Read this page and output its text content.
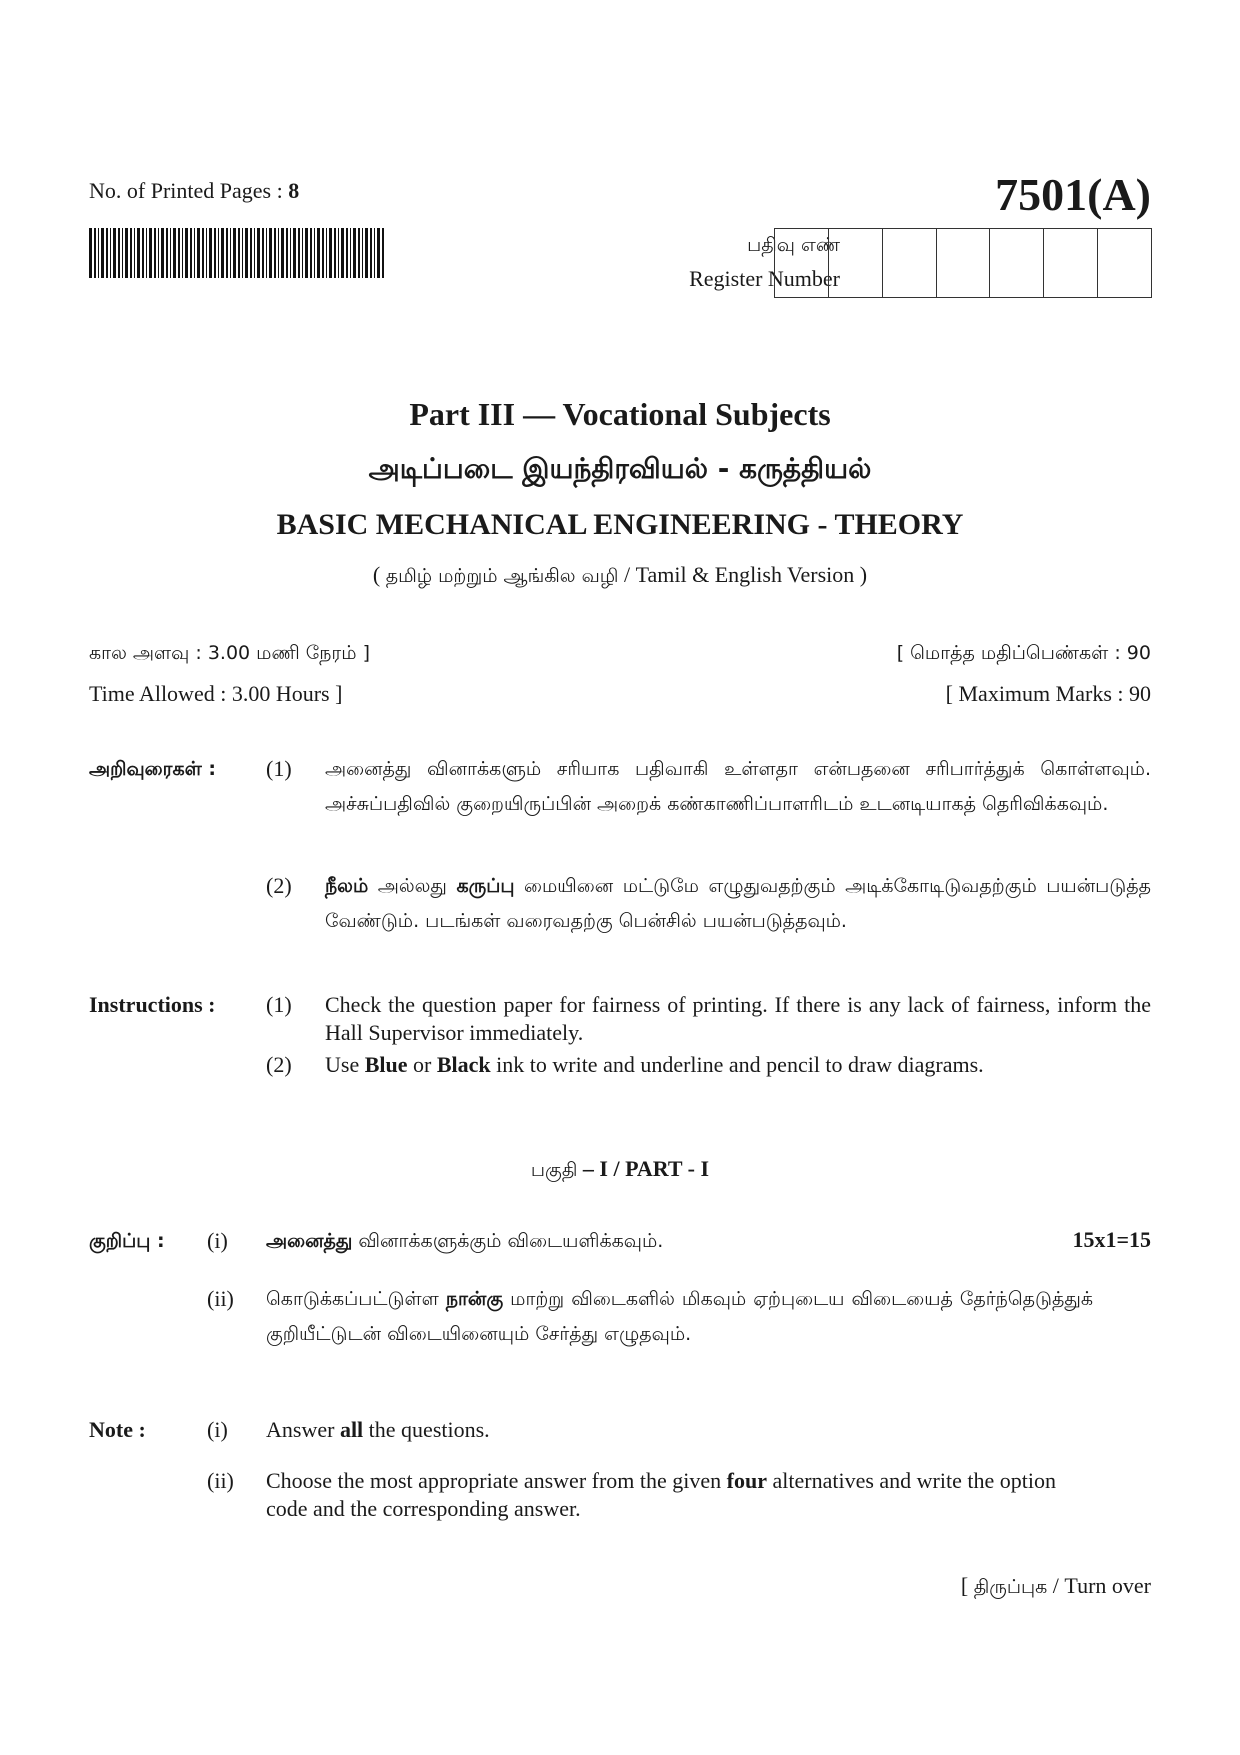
No. of Printed Pages : 8	7501(A)
பதிவு எண்
Register Number
Part III — Vocational Subjects
அடிப்படை இயந்திரவியல் - கருத்தியல்
BASIC MECHANICAL ENGINEERING - THEORY
( தமிழ் மற்றும் ஆங்கில வழி / Tamil & English Version )
கால அளவு : 3.00 மணி நேரம் ]	[ மொத்த மதிப்பெண்கள் : 90
Time Allowed : 3.00 Hours ]	[ Maximum Marks : 90
அறிவுரைகள் : (1) அனைத்து வினாக்களும் சரியாக பதிவாகி உள்ளதா என்பதனை சரிபார்த்துக் கொள்ளவும். அச்சுப்பதிவில் குறையிருப்பின் அறைக் கண்காணிப்பாளரிடம் உடனடியாகத் தெரிவிக்கவும்.
(2) நீலம் அல்லது கருப்பு மையினை மட்டுமே எழுதுவதற்கும் அடிக்கோடிடுவதற்கும் பயன்படுத்த வேண்டும். படங்கள் வரைவதற்கு பென்சில் பயன்படுத்தவும்.
Instructions : (1) Check the question paper for fairness of printing. If there is any lack of fairness, inform the Hall Supervisor immediately.
(2) Use Blue or Black ink to write and underline and pencil to draw diagrams.
பகுதி – I / PART - I
15x1=15
குறிப்பு : (i) அனைத்து வினாக்களுக்கும் விடையளிக்கவும்.
(ii) கொடுக்கப்பட்டுள்ள நான்கு மாற்று விடைகளில் மிகவும் ஏற்புடைய விடையைத் தேர்ந்தெடுத்துக் குறியீட்டுடன் விடையினையும் சேர்த்து எழுதவும்.
Note :	(i) Answer all the questions.
(ii) Choose the most appropriate answer from the given four alternatives and write the option code and the corresponding answer.
[ திருப்புக / Turn over
